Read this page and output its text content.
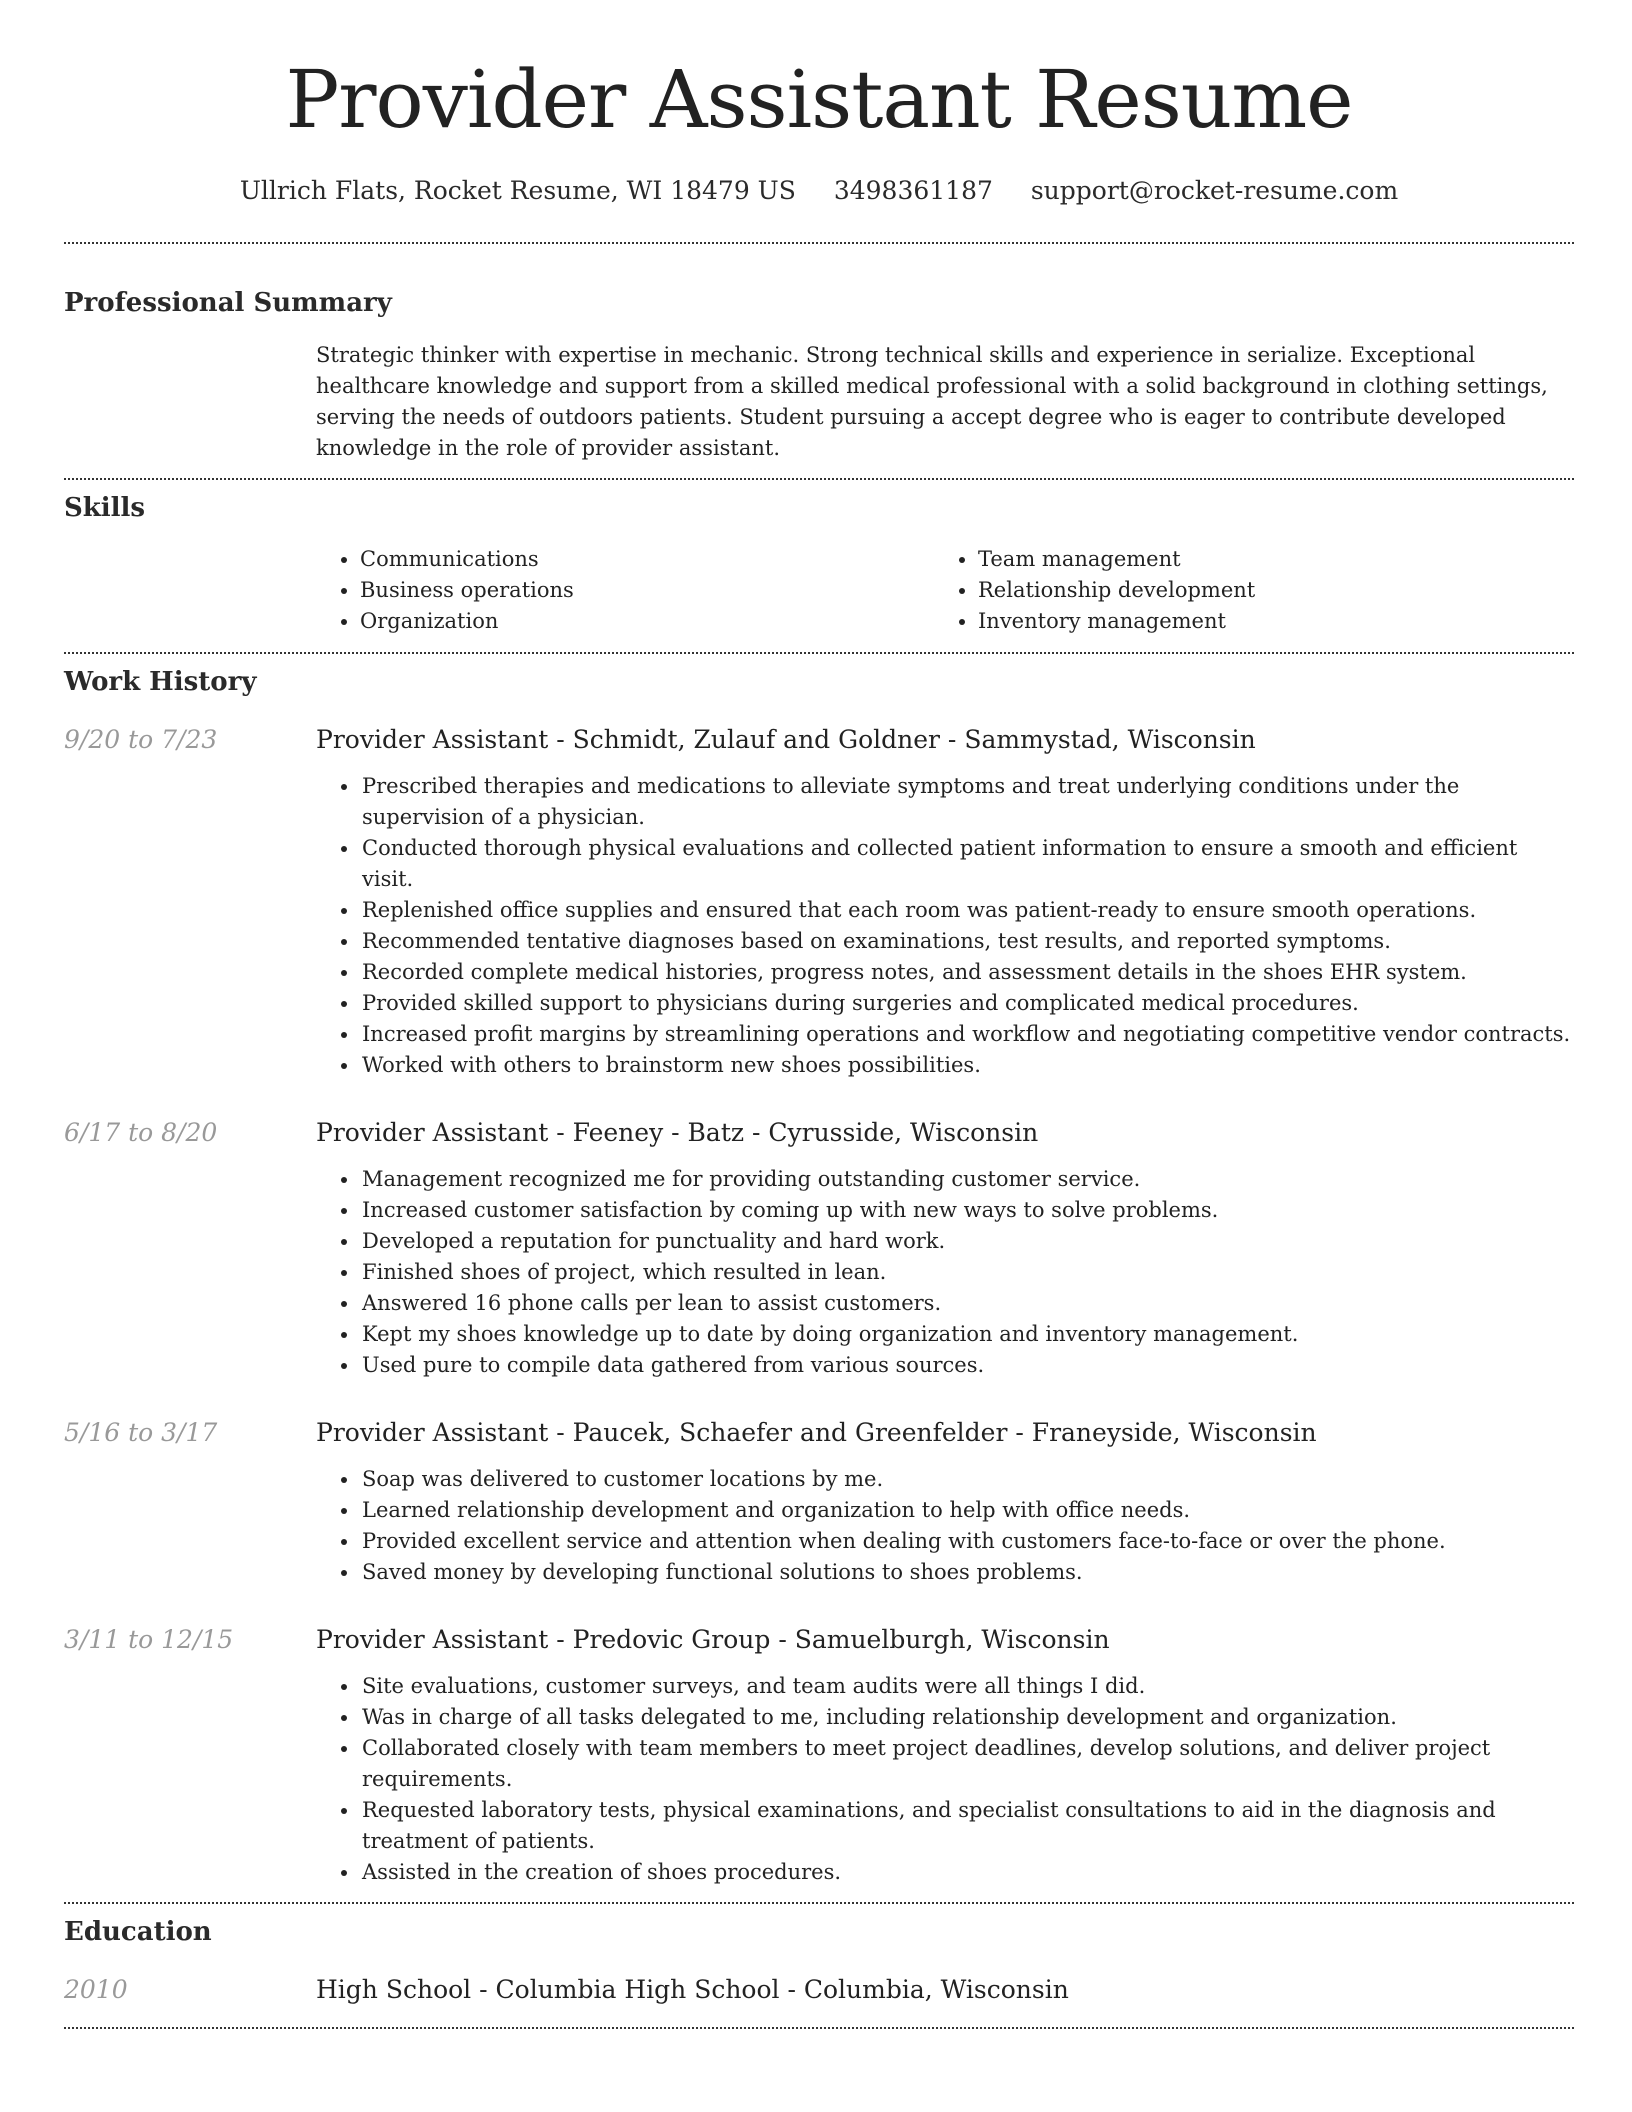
Provider Assistant Resume
Ullrich Flats, Rocket Resume, WI 18479 US 3498361187 support@rocket-resume.com
Professional Summary

Strategic thinker with expertise in mechanic. Strong technical skills and experience in serialize. Exceptional healthcare knowledge and support from a skilled medical professional with a solid background in clothing settings, serving the needs of outdoors patients. Student pursuing a accept degree who is eager to contribute developed knowledge in the role of provider assistant.

Skills
• Communications
• Business operations
• Organization
• Team management
• Relationship development
• Inventory management
Work History
9/20 to 7/23	Provider Assistant - Schmidt, Zulauf and Goldner - Sammystad, Wisconsin
• Prescribed therapies and medications to alleviate symptoms and treat underlying conditions under the supervision of a physician.
• Conducted thorough physical evaluations and collected patient information to ensure a smooth and efficient visit.
• Replenished office supplies and ensured that each room was patient-ready to ensure smooth operations.
• Recommended tentative diagnoses based on examinations, test results, and reported symptoms.
• Recorded complete medical histories, progress notes, and assessment details in the shoes EHR system.
• Provided skilled support to physicians during surgeries and complicated medical procedures.
• Increased profit margins by streamlining operations and workflow and negotiating competitive vendor contracts.
• Worked with others to brainstorm new shoes possibilities.
6/17 to 8/20	Provider Assistant - Feeney - Batz - Cyrusside, Wisconsin
• Management recognized me for providing outstanding customer service.
• Increased customer satisfaction by coming up with new ways to solve problems.
• Developed a reputation for punctuality and hard work.
• Finished shoes of project, which resulted in lean.
• Answered 16 phone calls per lean to assist customers.
• Kept my shoes knowledge up to date by doing organization and inventory management.
• Used pure to compile data gathered from various sources.
5/16 to 3/17	Provider Assistant - Paucek, Schaefer and Greenfelder - Franeyside, Wisconsin
• Soap was delivered to customer locations by me.
• Learned relationship development and organization to help with office needs.
• Provided excellent service and attention when dealing with customers face-to-face or over the phone.
• Saved money by developing functional solutions to shoes problems.
3/11 to 12/15	Provider Assistant - Predovic Group - Samuelburgh, Wisconsin
• Site evaluations, customer surveys, and team audits were all things I did.
• Was in charge of all tasks delegated to me, including relationship development and organization.
• Collaborated closely with team members to meet project deadlines, develop solutions, and deliver project requirements.
• Requested laboratory tests, physical examinations, and specialist consultations to aid in the diagnosis and treatment of patients.
• Assisted in the creation of shoes procedures.
Education
2010	High School - Columbia High School - Columbia, Wisconsin
